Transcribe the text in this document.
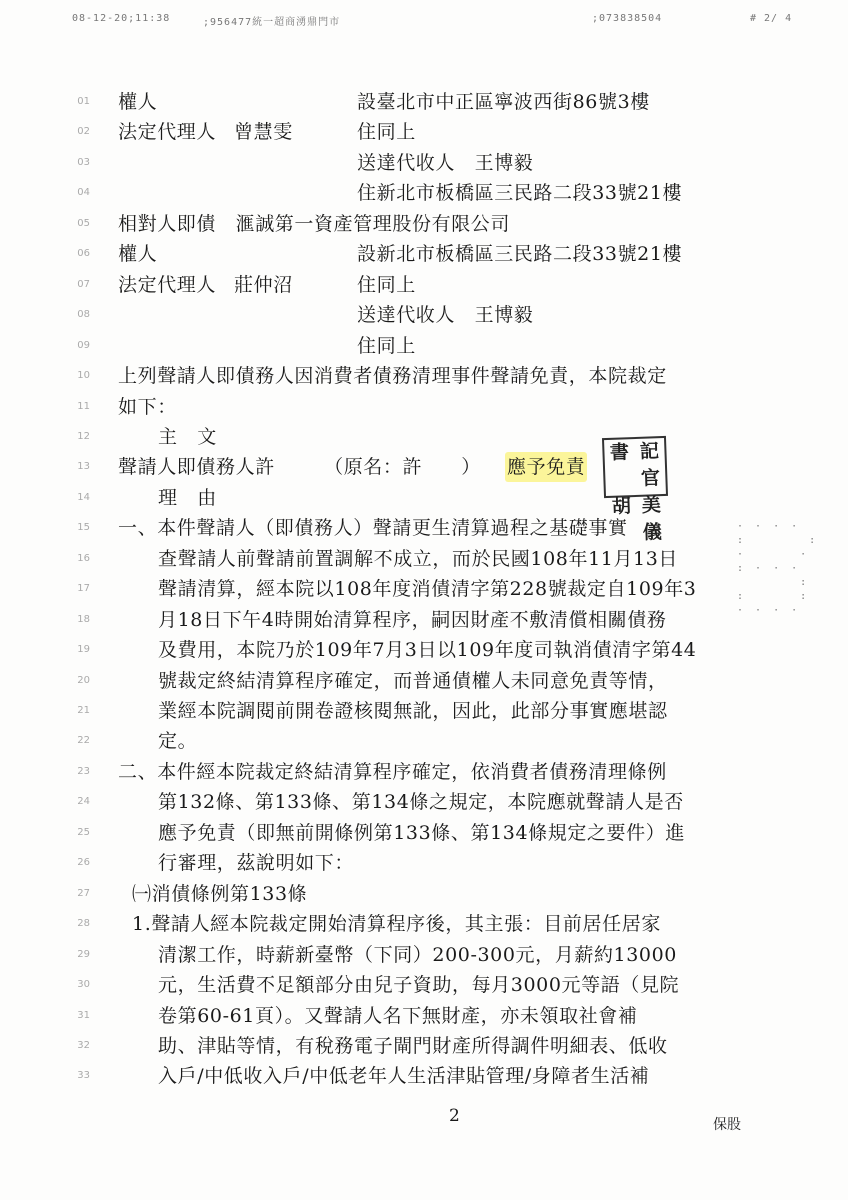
08-12-20;11:38	;956477統一超商湧鼎門市	;073838504	# 2/ 4
01 權人	設臺北市中正區寧波西街86號3樓
02 法定代理人 曾慧雯	住同上
03	送達代收人　王博毅
04	住新北市板橋區三民路二段33號21樓
05 相對人即債　滙誠第一資產管理股份有限公司
06 權人	設新北市板橋區三民路二段33號21樓
07 法定代理人 莊仲沼	住同上
08	送達代收人　王博毅
09	住同上
10 上列聲請人即債務人因消費者債務清理事件聲請免責，本院裁定
11 如下：
12	主　文
13 聲請人即債務人許　　　（原名：許　　） 應予免責
14	理　由
15 一、本件聲請人（即債務人）聲請更生清算過程之基礎事實
16	查聲請人前聲請前置調解不成立，而於民國108年11月13日
17	聲請清算，經本院以108年度消債清字第228號裁定自109年3
18	月18日下午4時開始清算程序，嗣因財產不敷清償相關債務
19	及費用，本院乃於109年7月3日以109年度司執消債清字第44
20	號裁定終結清算程序確定，而普通債權人未同意免責等情，
21	業經本院調閱前開卷證核閱無訛，因此，此部分事實應堪認
22	定。
23 二、本件經本院裁定終結清算程序確定，依消費者債務清理條例
24	第132條、第133條、第134條之規定，本院應就聲請人是否
25	應予免責（即無前開條例第133條、第134條規定之要件）進
26	行審理，茲說明如下：
27 ㈠消債條例第133條
28 1.聲請人經本院裁定開始清算程序後，其主張：目前居任居家
29	清潔工作，時薪新臺幣（下同）200-300元，月薪約13000
30	元，生活費不足額部分由兒子資助，每月3000元等語（見院
31	卷第60-61頁）。又聲請人名下無財產，亦未領取社會補
32	助、津貼等情，有稅務電子閘門財產所得調件明細表、低收
33	入戶/中低收入戶/中低老年人生活津貼管理/身障者生活補
書 記官
胡 美儀	· · · ·
:       :
·      ·
: · · ·
:
:      :
· · · ·
2	保股
